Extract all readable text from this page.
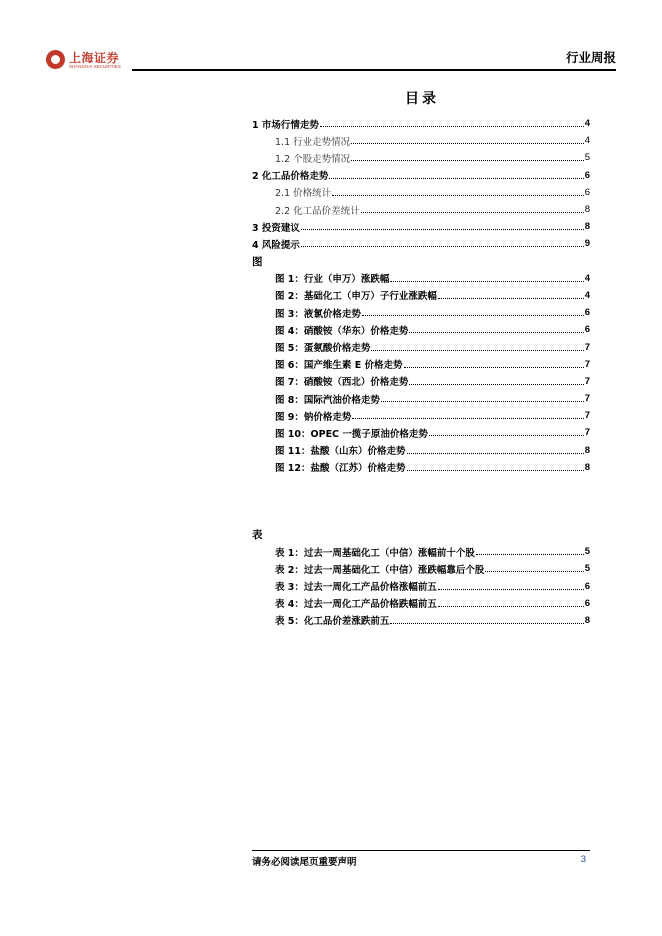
上海证券
SHANGHAI SECURITIES
行业周报
目录
1 市场行情走势	4
1.1 行业走势情况	4
1.2 个股走势情况	5
2 化工品价格走势	6
2.1 价格统计	6
2.2 化工品价差统计	8
3 投资建议	8
4 风险提示	9
图
图 1：行业（申万）涨跌幅	4
图 2：基础化工（申万）子行业涨跌幅	4
图 3：液氯价格走势	6
图 4：硝酸铵（华东）价格走势	6
图 5：蛋氨酸价格走势	7
图 6：国产维生素 E 价格走势	7
图 7：硝酸铵（西北）价格走势	7
图 8：国际汽油价格走势	7
图 9：钠价格走势	7
图 10：OPEC 一揽子原油价格走势	7
图 11：盐酸（山东）价格走势	8
图 12：盐酸（江苏）价格走势	8
表
表 1：过去一周基础化工（中信）涨幅前十个股	5
表 2：过去一周基础化工（中信）涨跌幅靠后个股	5
表 3：过去一周化工产品价格涨幅前五	6
表 4：过去一周化工产品价格跌幅前五	6
表 5：化工品价差涨跌前五	8
请务必阅读尾页重要声明	3
